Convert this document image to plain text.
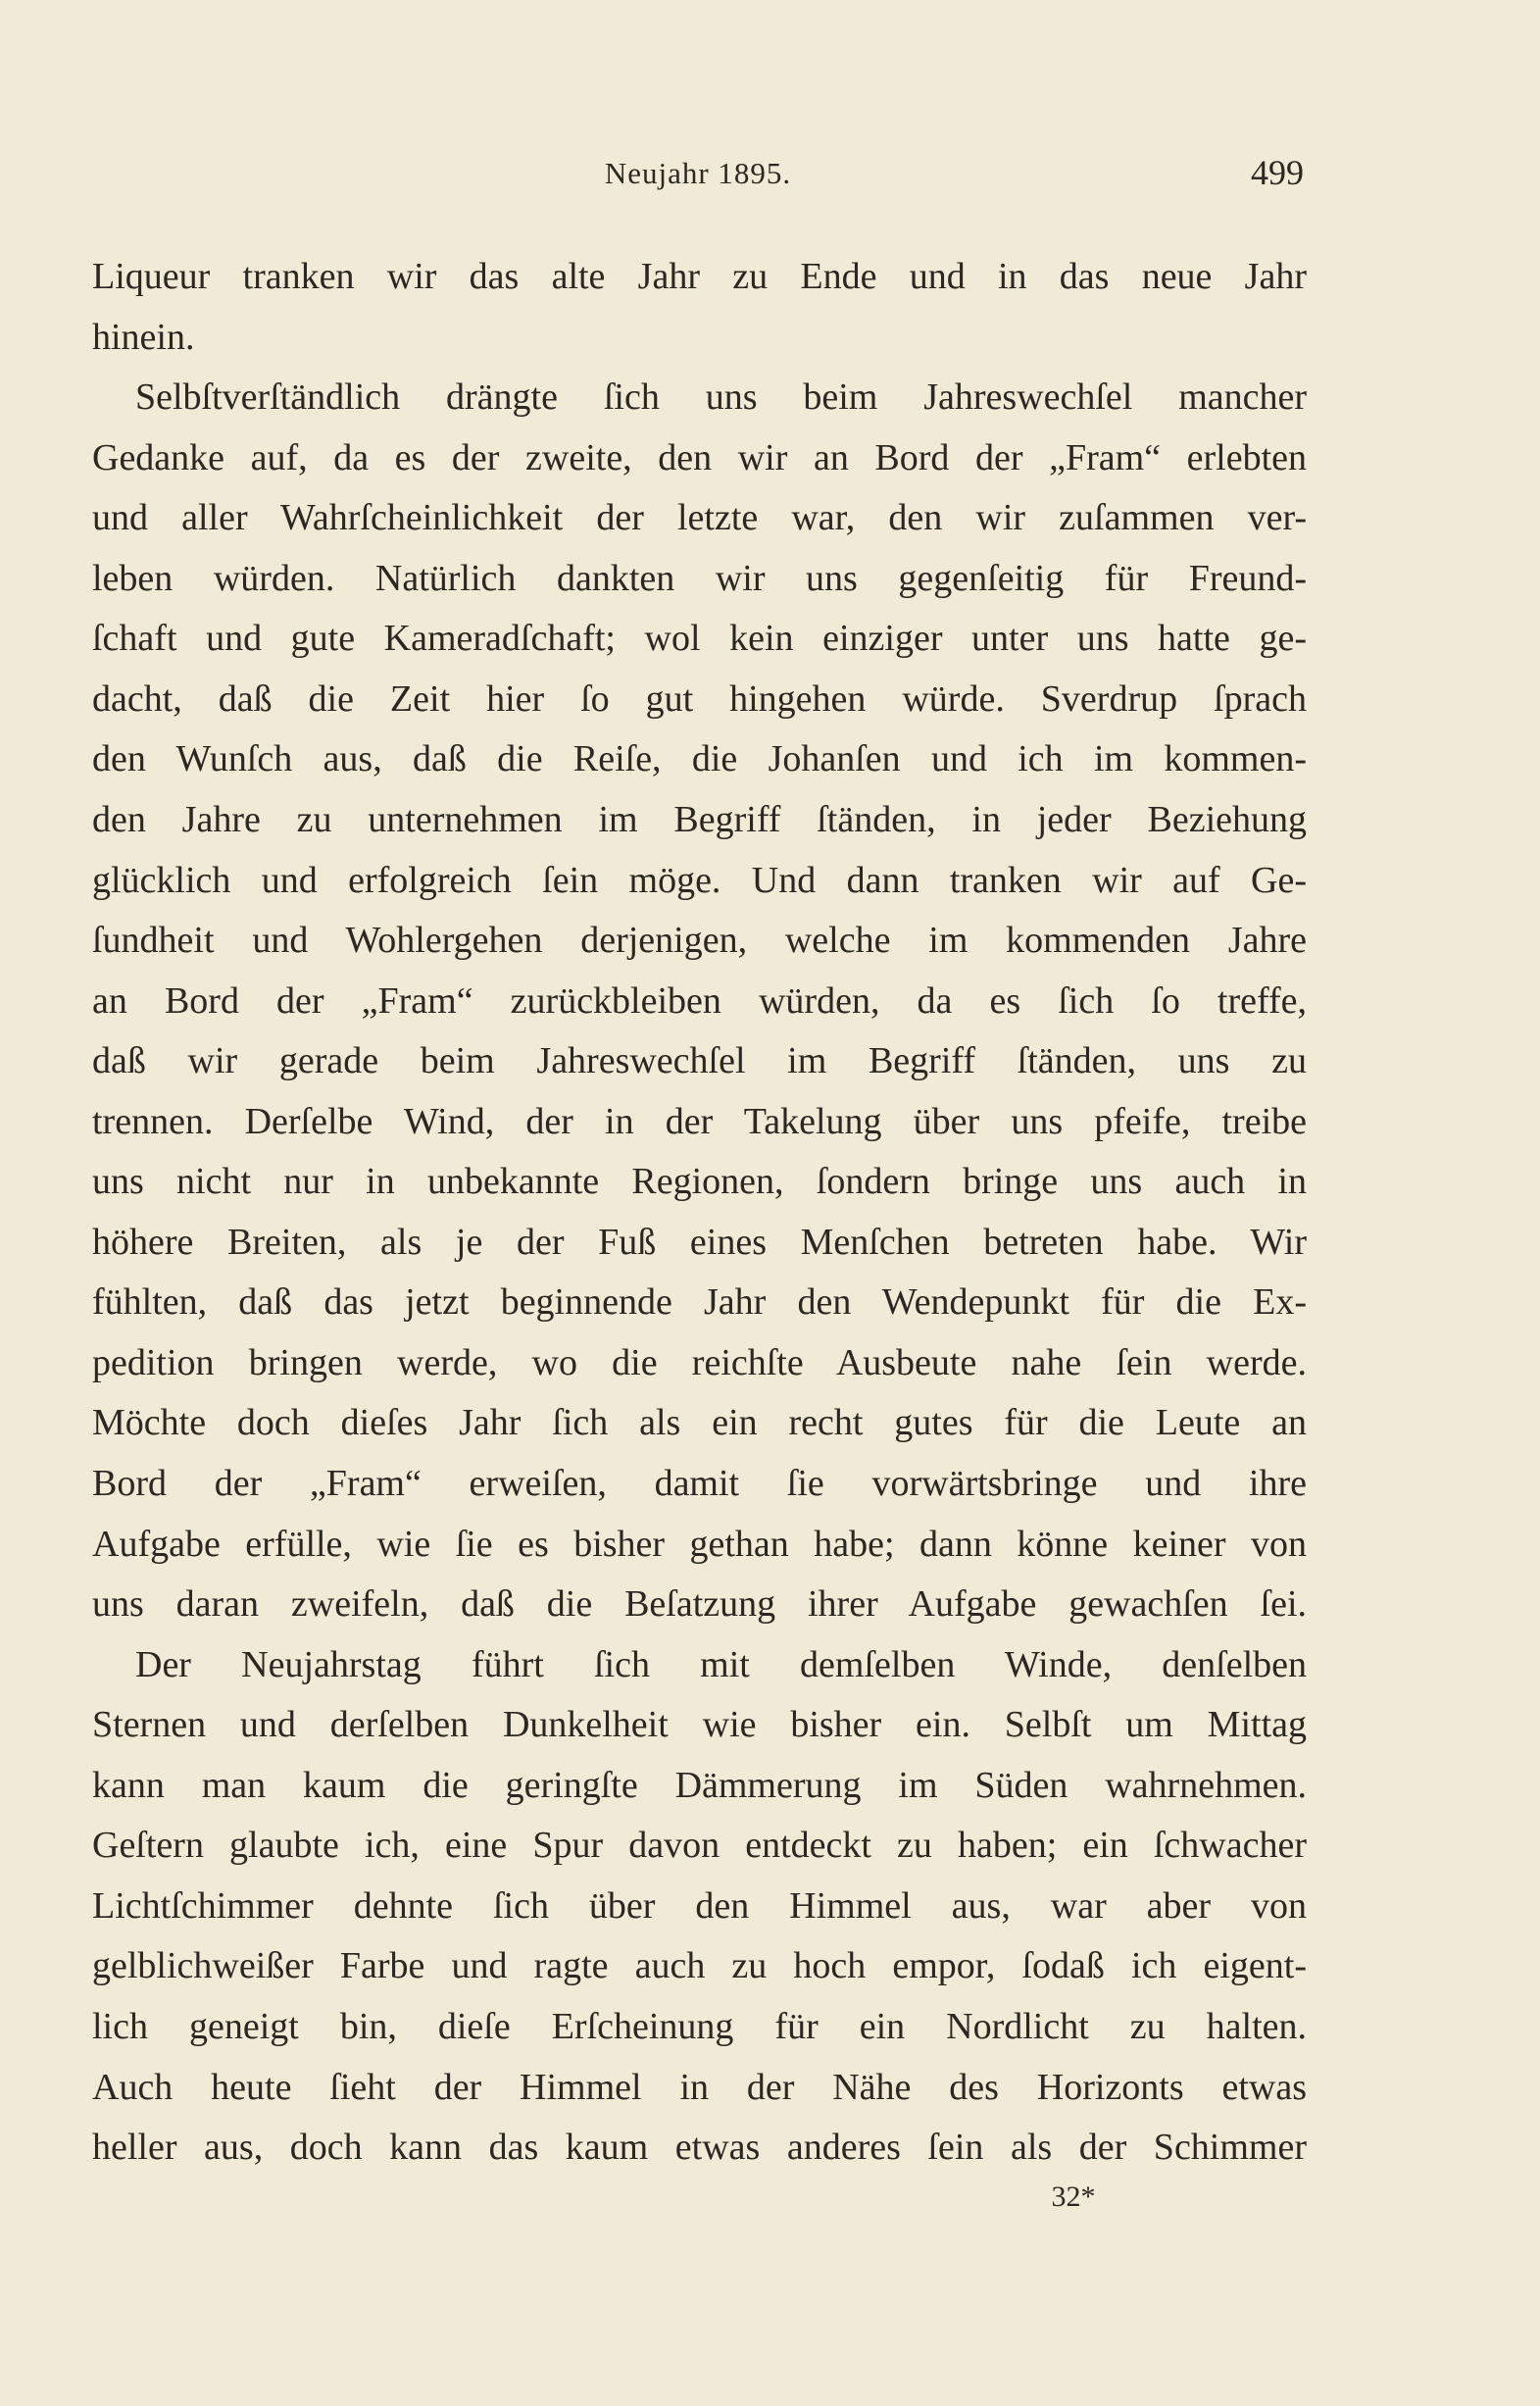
Neujahr 1895.	499
Liqueur tranken wir das alte Jahr zu Ende und in das neue Jahr
hinein.
Selbſtverſtändlich drängte ſich uns beim Jahreswechſel mancher
Gedanke auf, da es der zweite, den wir an Bord der „Fram“ erlebten
und aller Wahrſcheinlichkeit der letzte war, den wir zuſammen ver-
leben würden. Natürlich dankten wir uns gegenſeitig für Freund-
ſchaft und gute Kameradſchaft; wol kein einziger unter uns hatte ge-
dacht, daß die Zeit hier ſo gut hingehen würde. Sverdrup ſprach
den Wunſch aus, daß die Reiſe, die Johanſen und ich im kommen-
den Jahre zu unternehmen im Begriff ſtänden, in jeder Beziehung
glücklich und erfolgreich ſein möge. Und dann tranken wir auf Ge-
ſundheit und Wohlergehen derjenigen, welche im kommenden Jahre
an Bord der „Fram“ zurückbleiben würden, da es ſich ſo treffe,
daß wir gerade beim Jahreswechſel im Begriff ſtänden, uns zu
trennen. Derſelbe Wind, der in der Takelung über uns pfeife, treibe
uns nicht nur in unbekannte Regionen, ſondern bringe uns auch in
höhere Breiten, als je der Fuß eines Menſchen betreten habe. Wir
fühlten, daß das jetzt beginnende Jahr den Wendepunkt für die Ex-
pedition bringen werde, wo die reichſte Ausbeute nahe ſein werde.
Möchte doch dieſes Jahr ſich als ein recht gutes für die Leute an
Bord der „Fram“ erweiſen, damit ſie vorwärtsbringe und ihre
Aufgabe erfülle, wie ſie es bisher gethan habe; dann könne keiner von
uns daran zweifeln, daß die Beſatzung ihrer Aufgabe gewachſen ſei.
Der Neujahrstag führt ſich mit demſelben Winde, denſelben
Sternen und derſelben Dunkelheit wie bisher ein. Selbſt um Mittag
kann man kaum die geringſte Dämmerung im Süden wahrnehmen.
Geſtern glaubte ich, eine Spur davon entdeckt zu haben; ein ſchwacher
Lichtſchimmer dehnte ſich über den Himmel aus, war aber von
gelblichweißer Farbe und ragte auch zu hoch empor, ſodaß ich eigent-
lich geneigt bin, dieſe Erſcheinung für ein Nordlicht zu halten.
Auch heute ſieht der Himmel in der Nähe des Horizonts etwas
heller aus, doch kann das kaum etwas anderes ſein als der Schimmer
32*
